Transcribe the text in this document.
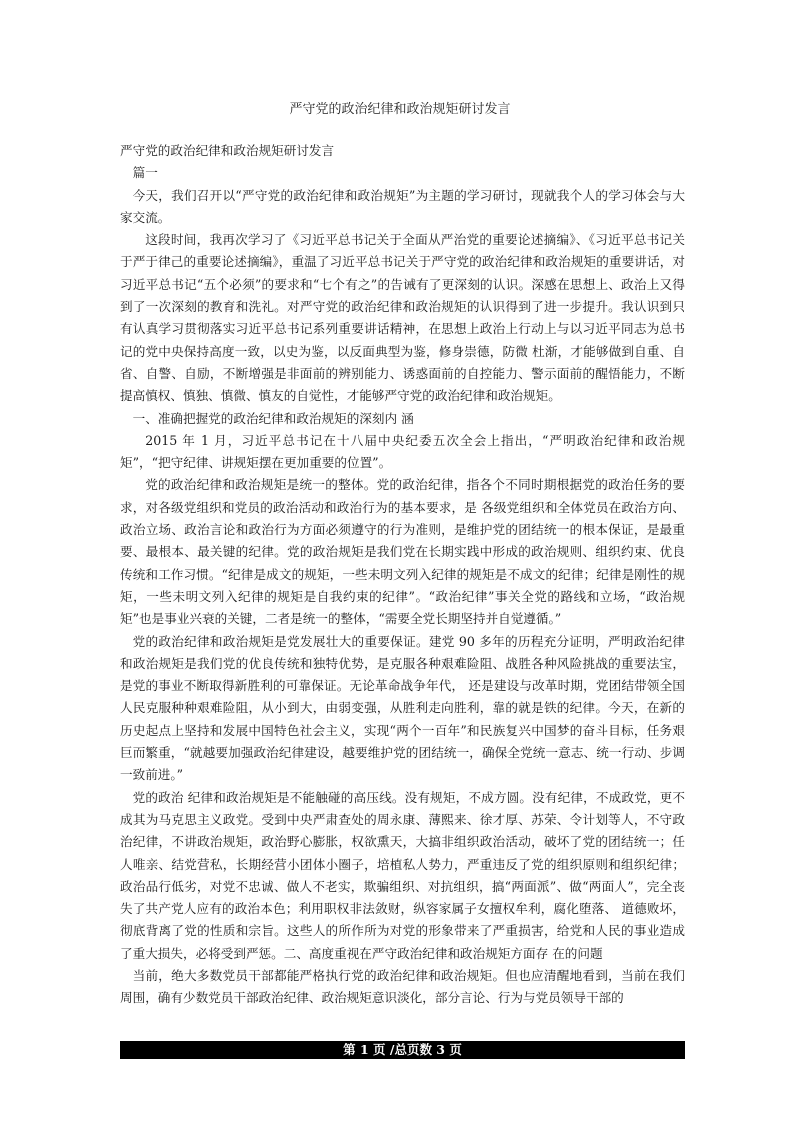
严守党的政治纪律和政治规矩研讨发言

严守党的政治纪律和政治规矩研讨发言

篇一

今天，我们召开以“严守党的政治纪律和政治规矩”为主题的学习研讨，现就我个人的学习体会与大家交流。

这段时间，我再次学习了《习近平总书记关于全面从严治党的重要论述摘编》、《习近平总书记关于严于律己的重要论述摘编》，重温了习近平总书记关于严守党的政治纪律和政治规矩的重要讲话，对习近平总书记“五个必须”的要求和“七个有之”的告诫有了更深刻的认识。深感在思想上、政治上又得到了一次深刻的教育和洗礼。对严守党的政治纪律和政治规矩的认识得到了进一步提升。我认识到只有认真学习贯彻落实习近平总书记系列重要讲话精神，在思想上政治上行动上与以习近平同志为总书记的党中央保持高度一致，以史为鉴，以反面典型为鉴，修身崇德，防微 杜渐，才能够做到自重、自省、自警、自励，不断增强是非面前的辨别能力、诱惑面前的自控能力、警示面前的醒悟能力，不断提高慎权、慎独、慎微、慎友的自觉性，才能够严守党的政治纪律和政治规矩。

一、准确把握党的政治纪律和政治规矩的深刻内 涵

2015 年 1 月，习近平总书记在十八届中央纪委五次全会上指出，“严明政治纪律和政治规矩”，“把守纪律、讲规矩摆在更加重要的位置”。

党的政治纪律和政治规矩是统一的整体。党的政治纪律，指各个不同时期根据党的政治任务的要求，对各级党组织和党员的政治活动和政治行为的基本要求，是 各级党组织和全体党员在政治方向、政治立场、政治言论和政治行为方面必须遵守的行为准则，是维护党的团结统一的根本保证，是最重要、最根本、最关键的纪律。党的政治规矩是我们党在长期实践中形成的政治规则、组织约束、优良传统和工作习惯。“纪律是成文的规矩，一些未明文列入纪律的规矩是不成文的纪律；纪律是刚性的规矩，一些未明文列入纪律的规矩是自我约束的纪律”。“政治纪律”事关全党的路线和立场，“政治规矩”也是事业兴衰的关键，二者是统一的整体，“需要全党长期坚持并自觉遵循。”

党的政治纪律和政治规矩是党发展壮大的重要保证。建党 90 多年的历程充分证明，严明政治纪律和政治规矩是我们党的优良传统和独特优势，是克服各种艰难险阻、战胜各种风险挑战的重要法宝，是党的事业不断取得新胜利的可靠保证。无论革命战争年代， 还是建设与改革时期，党团结带领全国人民克服种种艰难险阻，从小到大，由弱变强，从胜利走向胜利，靠的就是铁的纪律。今天，在新的历史起点上坚持和发展中国特色社会主义，实现“两个一百年”和民族复兴中国梦的奋斗目标，任务艰巨而繁重，“就越要加强政治纪律建设，越要维护党的团结统一，确保全党统一意志、统一行动、步调一致前进。”

党的政治 纪律和政治规矩是不能触碰的高压线。没有规矩，不成方圆。没有纪律，不成政党，更不成其为马克思主义政党。受到中央严肃查处的周永康、薄熙来、徐才厚、苏荣、令计划等人，不守政治纪律，不讲政治规矩，政治野心膨胀，权欲熏天，大搞非组织政治活动，破坏了党的团结统一；任人唯亲、结党营私，长期经营小团体小圈子，培植私人势力，严重违反了党的组织原则和组织纪律；政治品行低劣，对党不忠诚、做人不老实，欺骗组织、对抗组织，搞“两面派”、做“两面人”，完全丧失了共产党人应有的政治本色；利用职权非法敛财，纵容家属子女擅权牟利，腐化堕落、 道德败坏，彻底背离了党的性质和宗旨。这些人的所作所为对党的形象带来了严重损害，给党和人民的事业造成了重大损失，必将受到严惩。二、高度重视在严守政治纪律和政治规矩方面存 在的问题

当前，绝大多数党员干部都能严格执行党的政治纪律和政治规矩。但也应清醒地看到，当前在我们周围，确有少数党员干部政治纪律、政治规矩意识淡化，部分言论、行为与党员领导干部的

第 1 页 /总页数 3 页
